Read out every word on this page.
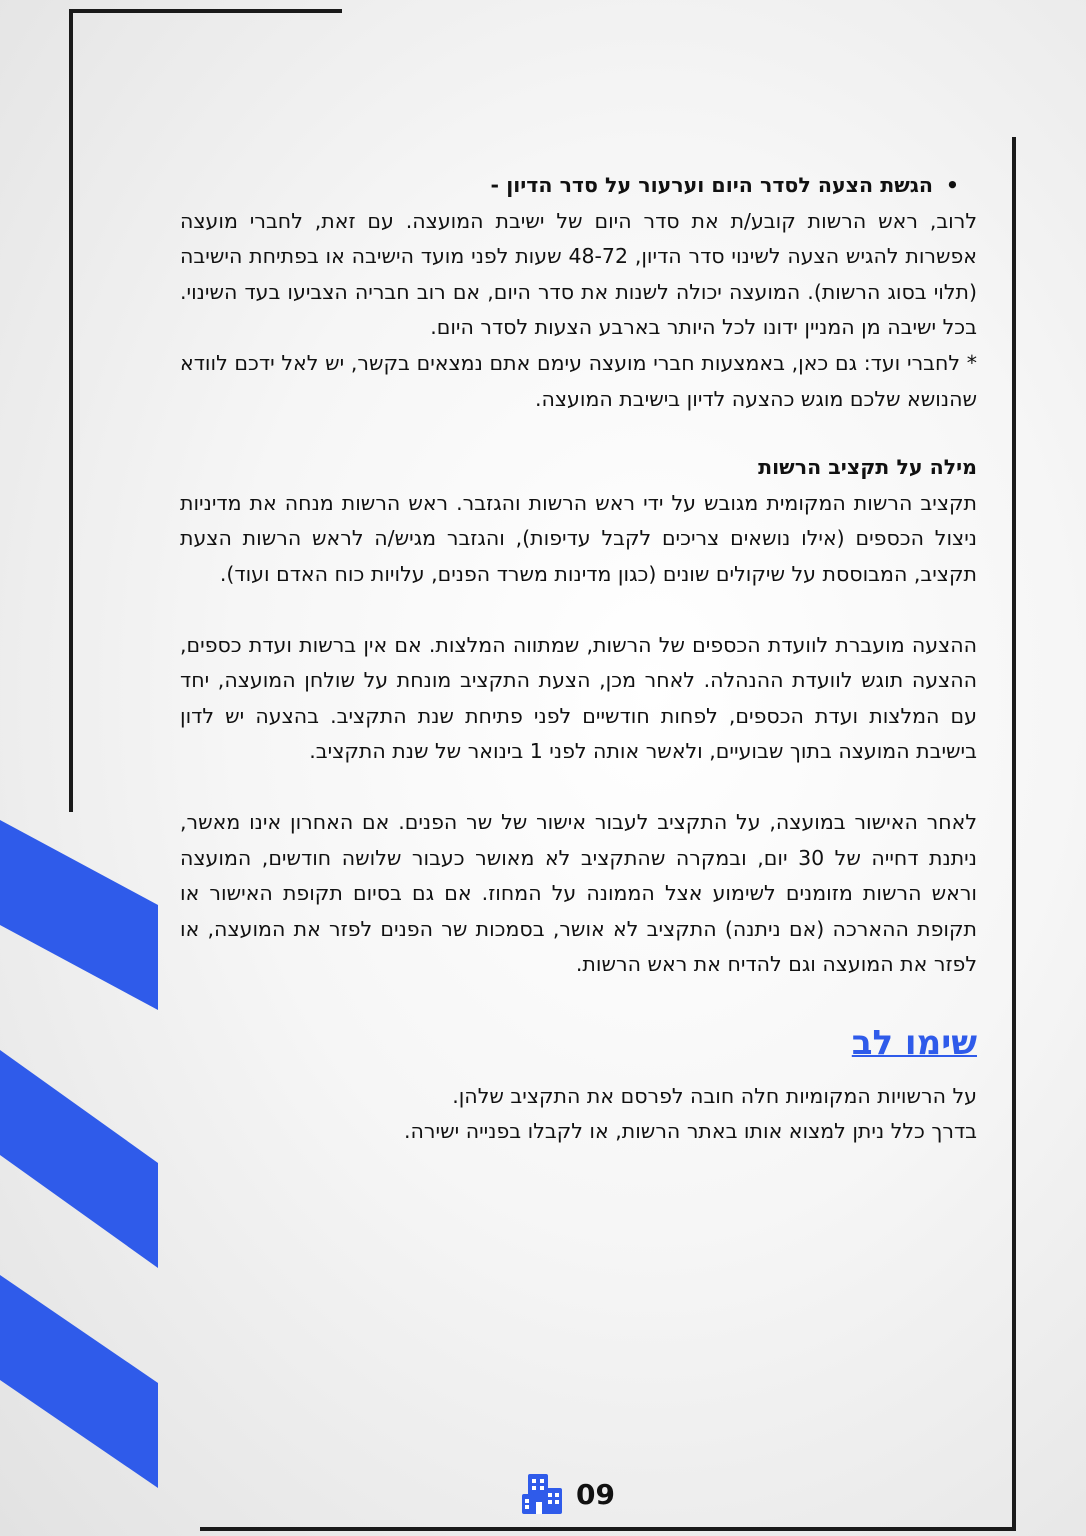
•
הגשת הצעה לסדר היום וערעור על סדר הדיון -

לרוב, ראש הרשות קובע/ת את סדר היום של ישיבת המועצה. עם זאת, לחברי מועצה אפשרות להגיש הצעה לשינוי סדר הדיון, 48-72 שעות לפני מועד הישיבה או בפתיחת הישיבה (תלוי בסוג הרשות). המועצה יכולה לשנות את סדר היום, אם רוב חבריה הצביעו בעד השינוי. בכל ישיבה מן המניין ידונו לכל היותר בארבע הצעות לסדר היום.

* לחברי ועד: גם כאן, באמצעות חברי מועצה עימם אתם נמצאים בקשר, יש לאל ידכם לוודא שהנושא שלכם מוגש כהצעה לדיון בישיבת המועצה.

מילה על תקציב הרשות

תקציב הרשות המקומית מגובש על ידי ראש הרשות והגזבר. ראש הרשות מנחה את מדיניות ניצול הכספים (אילו נושאים צריכים לקבל עדיפות), והגזבר מגיש/ה לראש הרשות הצעת תקציב, המבוססת על שיקולים שונים (כגון מדינות משרד הפנים, עלויות כוח האדם ועוד).

ההצעה מועברת לוועדת הכספים של הרשות, שמתווה המלצות. אם אין ברשות ועדת כספים, ההצעה תוגש לוועדת ההנהלה. לאחר מכן, הצעת התקציב מונחת על שולחן המועצה, יחד עם המלצות ועדת הכספים, לפחות חודשיים לפני פתיחת שנת התקציב. בהצעה יש לדון בישיבת המועצה בתוך שבועיים, ולאשר אותה לפני 1 בינואר של שנת התקציב.

לאחר האישור במועצה, על התקציב לעבור אישור של שר הפנים. אם האחרון אינו מאשר, ניתנת דחייה של 30 יום, ובמקרה שהתקציב לא מאושר כעבור שלושה חודשים, המועצה וראש הרשות מזומנים לשימוע אצל הממונה על המחוז. אם גם בסיום תקופת האישור או תקופת ההארכה (אם ניתנה) התקציב לא אושר, בסמכות שר הפנים לפזר את המועצה, או לפזר את המועצה וגם להדיח את ראש הרשות.

שימו לב

על הרשויות המקומיות חלה חובה לפרסם את התקציב שלהן.

בדרך כלל ניתן למצוא אותו באתר הרשות, או לקבלו בפנייה ישירה.

09
